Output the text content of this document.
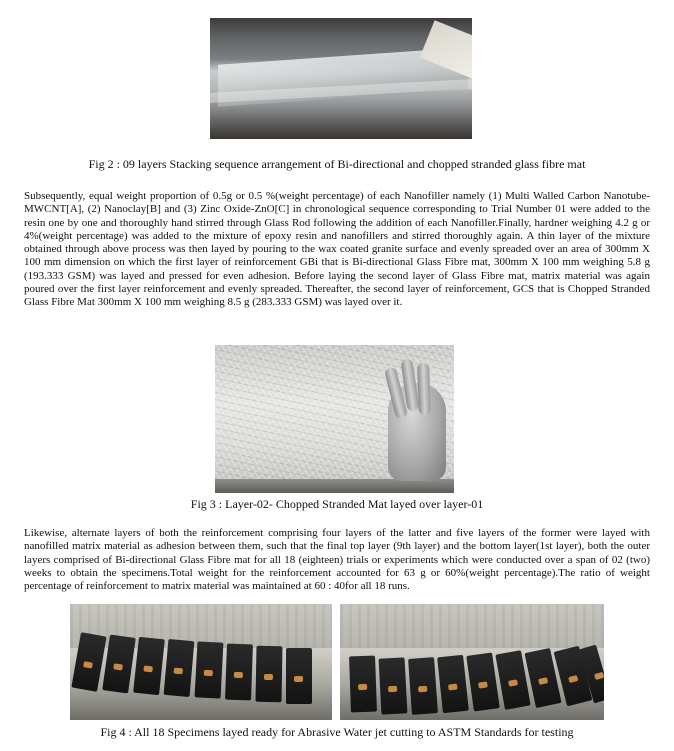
Fig 2 : 09 layers Stacking sequence arrangement of Bi-directional and chopped stranded glass fibre mat

Subsequently, equal weight proportion of 0.5g or 0.5 %(weight percentage) of each Nanofiller namely (1) Multi Walled Carbon Nanotube-MWCNT[A], (2) Nanoclay[B] and (3) Zinc Oxide-ZnO[C] in chronological sequence corresponding to Trial Number 01 were added to the resin one by one and thoroughly hand stirred through Glass Rod following the addition of each Nanofiller.Finally, hardner weighing 4.2 g or 4%(weight percentage) was added to the mixture of epoxy resin and nanofillers and stirred thoroughly again. A thin layer of the mixture obtained through above process was then layed by pouring to the wax coated granite surface and evenly spreaded over an area of 300mm X 100 mm dimension on which the first layer of reinforcement GBi that is Bi-directional Glass Fibre mat, 300mm X 100 mm weighing 5.8 g (193.333 GSM) was layed and pressed for even adhesion. Before laying the second layer of Glass Fibre mat, matrix material was again poured over the first layer reinforcement and evenly spreaded. Thereafter, the second layer of reinforcement, GCS that is Chopped Stranded Glass Fibre Mat 300mm X 100 mm weighing 8.5 g (283.333 GSM) was layed over it.

Fig 3 : Layer-02- Chopped Stranded Mat layed over layer-01

Likewise, alternate layers of both the reinforcement comprising four layers of the latter and five layers of the former were layed with nanofilled matrix material as adhesion between them, such that the final top layer (9th layer) and the bottom layer(1st layer), both the outer layers comprised of Bi-directional Glass Fibre mat for all 18 (eighteen) trials or experiments which were conducted over a span of 02 (two) weeks to obtain the specimens.Total weight for the reinforcement accounted for 63 g or 60%(weight percentage).The ratio of weight percentage of reinforcement to matrix material was maintained at 60 : 40for all 18 runs.

Fig 4 : All 18 Specimens layed ready for Abrasive Water jet cutting to ASTM Standards for testing
